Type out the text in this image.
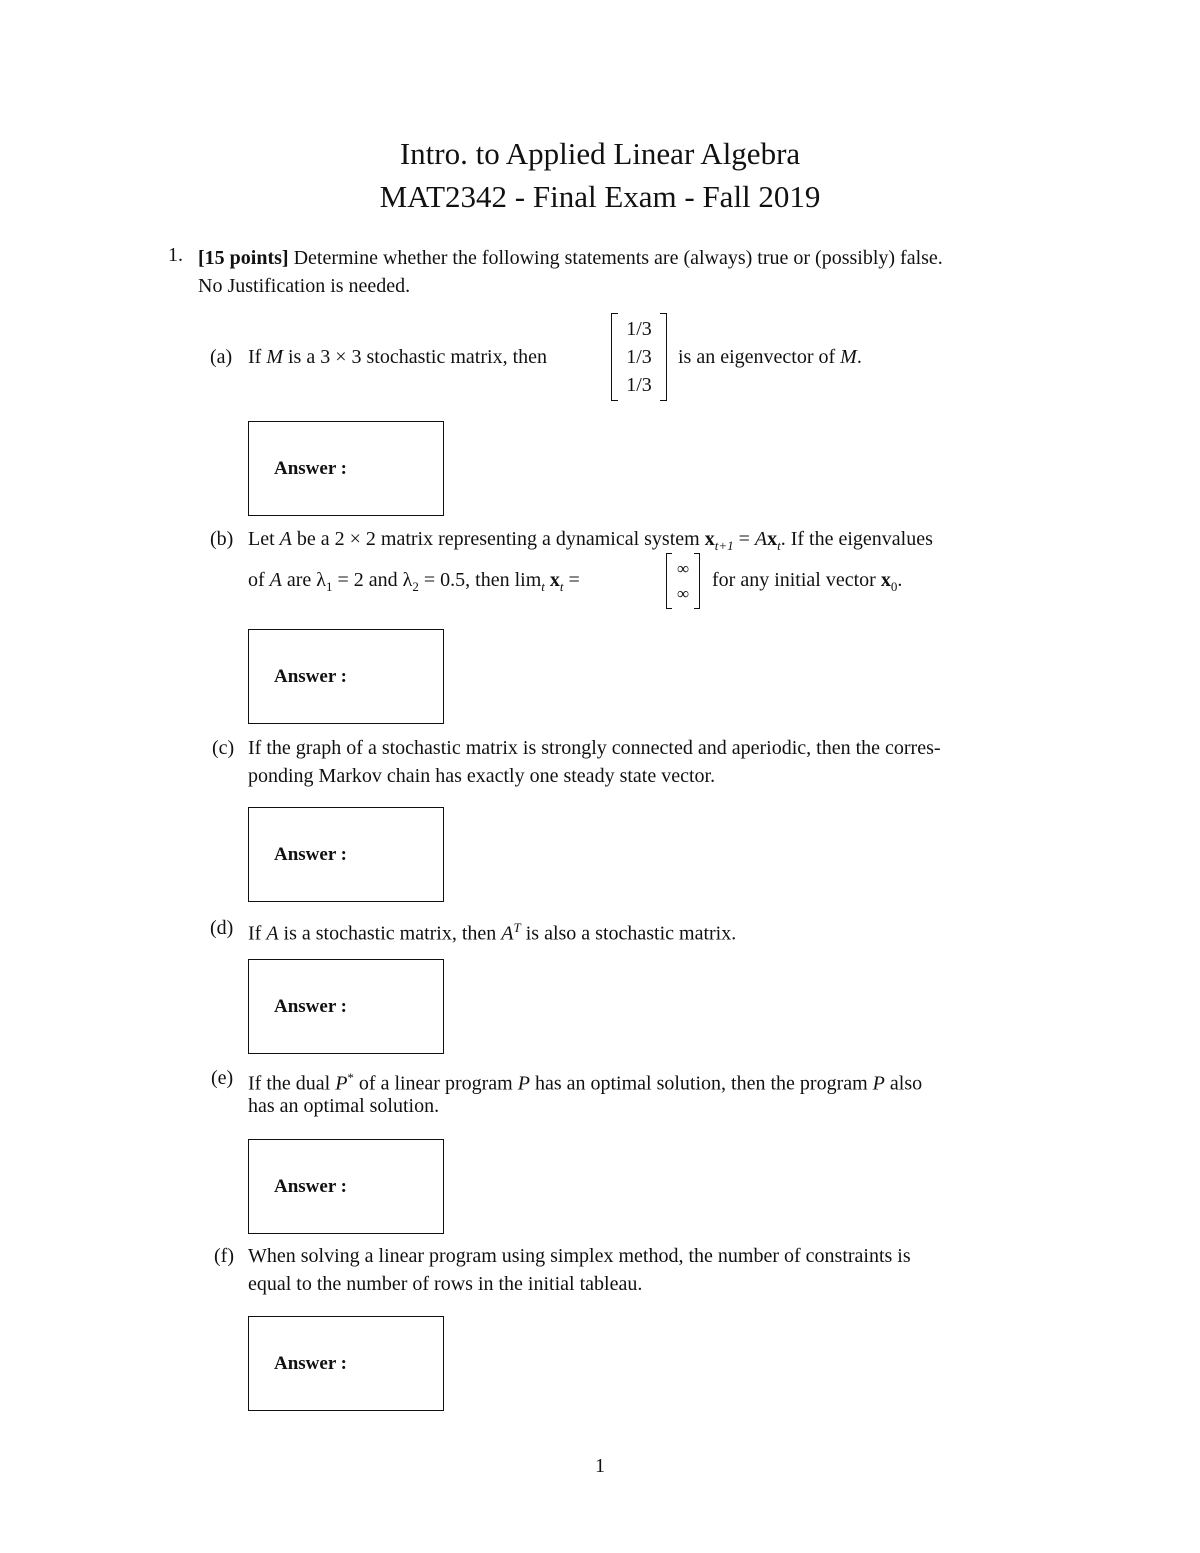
Intro. to Applied Linear Algebra
MAT2342 - Final Exam - Fall 2019
1. [15 points] Determine whether the following statements are (always) true or (possibly) false.
No Justification is needed.
(a) If M is a 3 × 3 stochastic matrix, then
1/3
1/3
1/3
is an eigenvector of M.
Answer :
(b) Let A be a 2 × 2 matrix representing a dynamical system $x_{t+1} = Ax_t$. If the eigenvalues
of A are $\lambda_1 = 2$ and $\lambda_2 = 0.5$, then $\lim_t x_t$ =
∞
∞
for any initial vector $x_0$.
Answer :
(c) If the graph of a stochastic matrix is strongly connected and aperiodic, then the corres-
ponding Markov chain has exactly one steady state vector.
Answer :
(d) If A is a stochastic matrix, then $A^T$ is also a stochastic matrix.
Answer :
(e) If the dual P* of a linear program P has an optimal solution, then the program P also
has an optimal solution.
Answer :
(f) When solving a linear program using simplex method, the number of constraints is
equal to the number of rows in the initial tableau.
Answer :
1
